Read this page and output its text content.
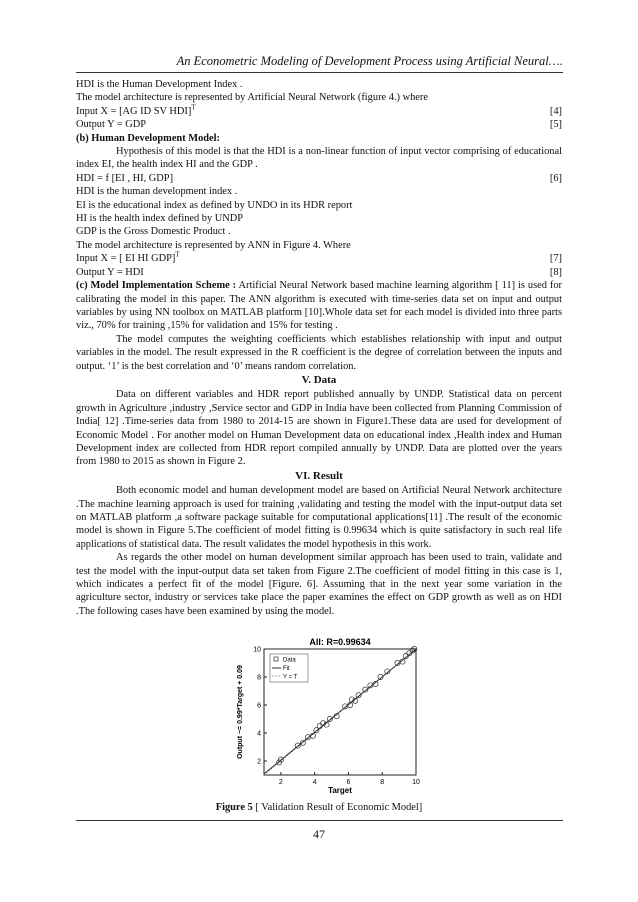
An Econometric Modeling of Development Process using Artificial Neural….
HDI is the Human Development Index .
The model architecture is represented by Artificial Neural Network (figure 4.) where
Input X = [AG ID SV HDI]$^T$	[4]
Output Y = GDP	[5]
(b) Human Development Model:
Hypothesis of this model is that the HDI is a non-linear function of input vector comprising of educational index EI, the health index HI and the GDP .
HDI = f [EI , HI, GDP]	[6]
HDI is the human development index .
EI is the educational index as defined by UNDO in its HDR report
HI is the health index defined by UNDP
GDP is the Gross Domestic Product .
The model architecture is represented by ANN in Figure 4. Where
Input X = [ EI HI GDP]$^T$	[7]
Output Y = HDI	[8]
(c) Model Implementation Scheme : Artificial Neural Network based machine learning algorithm [ 11] is used for calibrating the model in this paper. The ANN algorithm is executed with time-series data set on input and output variables by using NN toolbox on MATLAB platform [10].Whole data set for each model is divided into three parts viz., 70% for training ,15% for validation and 15% for testing .
The model computes the weighting coefficients which establishes relationship with input and output variables in the model. The result expressed in the R coefficient is the degree of correlation between the inputs and output. ‘1’ is the best correlation and ‘0’ means random correlation.
V. Data
Data on different variables and HDR report published annually by UNDP. Statistical data on percent growth in Agriculture ,industry ,Service sector and GDP in India have been collected from Planning Commission of India[ 12] .Time-series data from 1980 to 2014-15 are shown in Figure1.These data are used for development of Economic Model . For another model on Human Development data on educational index ,Health index and Human Development index are collected from HDR report compiled annually by UNDP. Data are plotted over the years from 1980 to 2015 as shown in Figure 2.
VI. Result
Both economic model and human development model are based on Artificial Neural Network architecture .The machine learning approach is used for training ,validating and testing the model with the input-output data set on MATLAB platform ,a software package suitable for computational applications[11] .The result of the economic model is shown in Figure 5.The coefficient of model fitting is 0.99634 which is quite satisfactory in such real life applications of statistical data. The result validates the model hypothesis in this work.
As regards the other model on human development similar approach has been used to train, validate and test the model with the input-output data set taken from Figure 2.The coefficient of model fitting in this case is 1, which indicates a perfect fit of the model [Figure. 6]. Assuming that in the next year some variation in the agriculture sector, industry or services take place the paper examines the effect on GDP growth as well as on HDI .The following cases have been examined by using the model.
All: R=0.99634
2	4	6	8	10
2
4
6
8
10
Target
Output ~= 0.99*Target + 0.09
Data
Fit
Y = T
Figure 5 [ Validation Result of Economic Model]
47
